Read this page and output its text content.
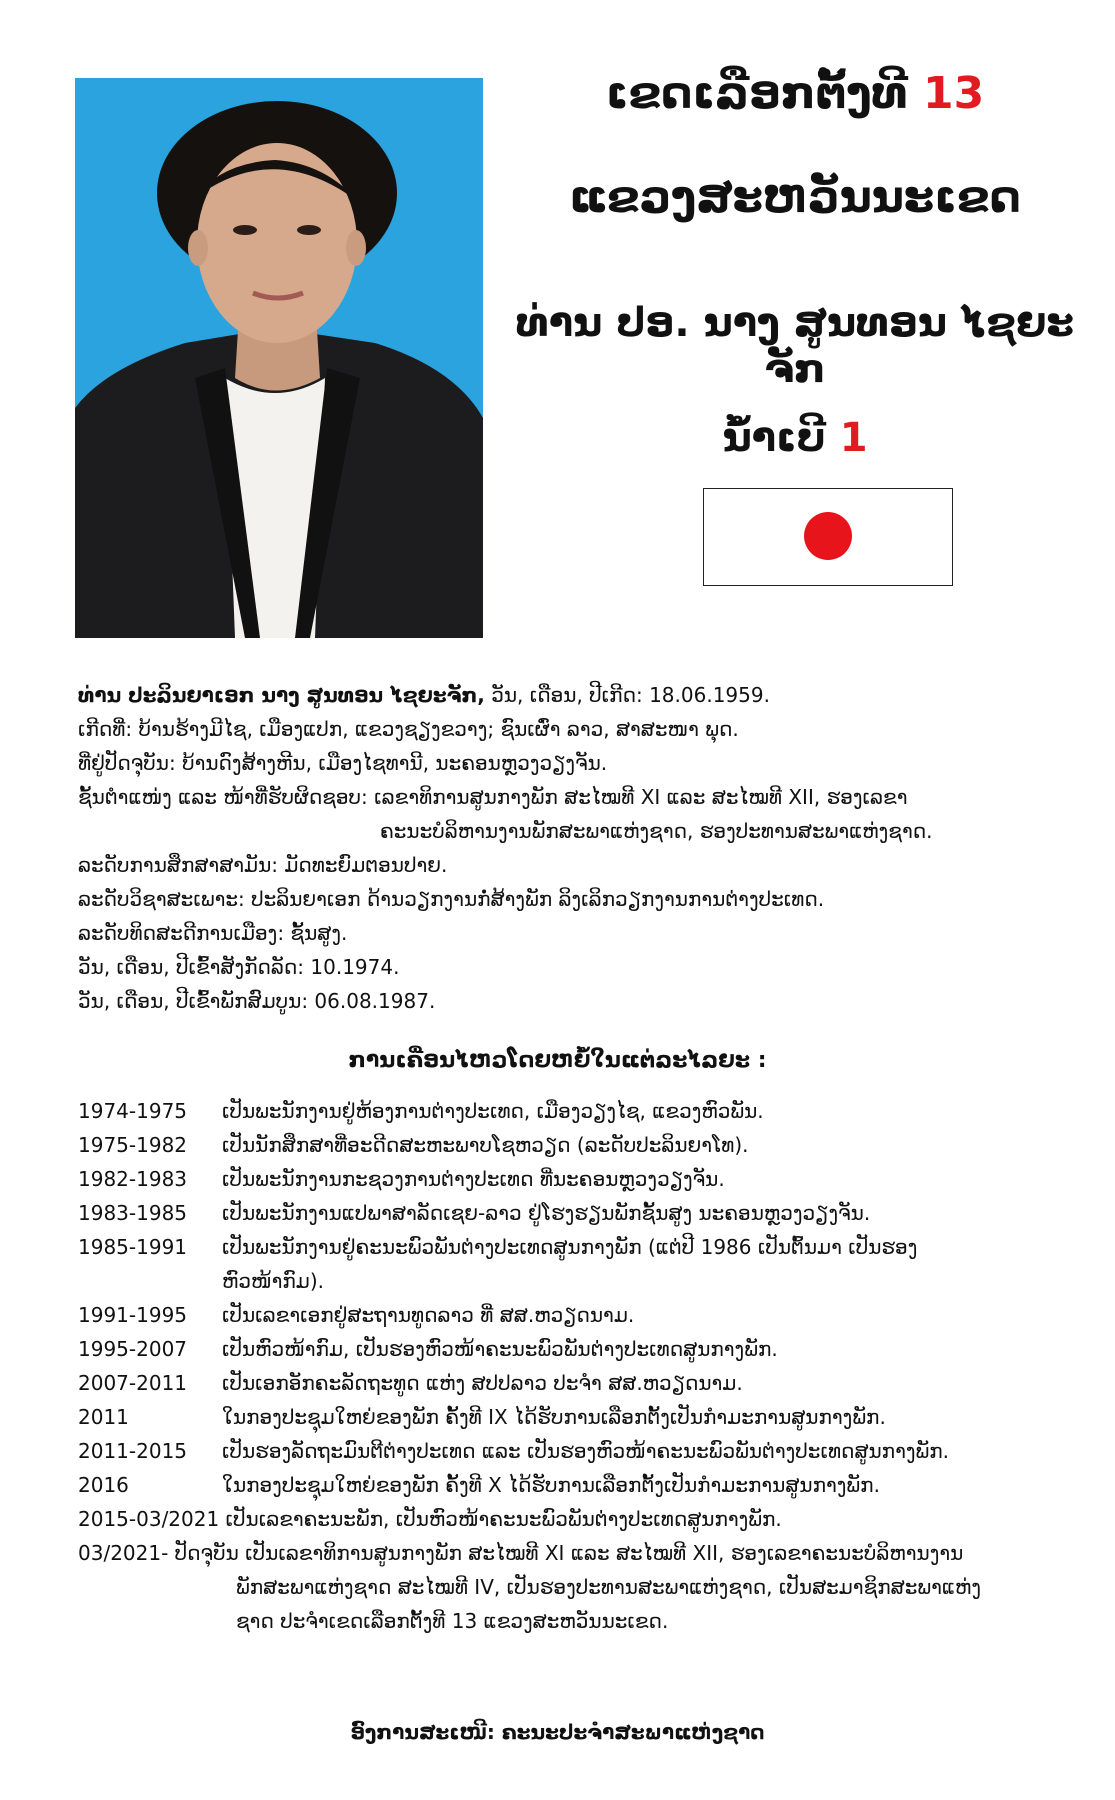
ເຂດເລືອກຕັ້ງທີ 13
ແຂວງສະຫວັນນະເຂດ
ທ່ານ ປອ. ນາງ ສູນທອນ ໄຊຍະຈັກ
ນໍ້າເບີ 1
ທ່ານ ປະລິນຍາເອກ ນາງ ສູນທອນ ໄຊຍະຈັກ, ວັນ, ເດືອນ, ປີເກີດ: 18.06.1959.
ເກີດທີ່: ບ້ານຮ້າງມີໄຊ, ເມືອງແປກ, ແຂວງຊຽງຂວາງ; ຊົນເຜົ່າ ລາວ, ສາສະໜາ ພຸດ.
ທີ່ຢູ່ປັດຈຸບັນ: ບ້ານດົງສ້າງຫີນ, ເມືອງໄຊທານີ, ນະຄອນຫຼວງວຽງຈັນ.
ຊັ້ນຕຳແໜ່ງ ແລະ ໜ້າທີ່ຮັບຜິດຊອບ: ເລຂາທິການສູນກາງພັກ ສະໄໝທີ XI ແລະ ສະໄໝທີ XII, ຮອງເລຂາ
ຄະນະບໍລິຫານງານພັກສະພາແຫ່ງຊາດ, ຮອງປະທານສະພາແຫ່ງຊາດ.
ລະດັບການສຶກສາສາມັນ: ມັດທະຍົມຕອນປາຍ.
ລະດັບວິຊາສະເພາະ: ປະລິນຍາເອກ ດ້ານວຽກງານກໍ່ສ້າງພັກ ລິງເລິກວຽກງານການຕ່າງປະເທດ.
ລະດັບທິດສະດີການເມືອງ: ຊັ້ນສູງ.
ວັນ, ເດືອນ, ປີເຂົ້າສັງກັດລັດ: 10.1974.
ວັນ, ເດືອນ, ປີເຂົ້າພັກສົມບູນ: 06.08.1987.
ການເຄື່ອນໄຫວໂດຍຫຍໍ້ໃນແຕ່ລະໄລຍະ :
1974-1975 ເປັນພະນັກງານຢູ່ຫ້ອງການຕ່າງປະເທດ, ເມືອງວຽງໄຊ, ແຂວງຫົວພັນ.
1975-1982 ເປັນນັກສຶກສາທີ່ອະດີດສະຫະພາບໂຊຫວຽດ (ລະດັບປະລິນຍາໂທ).
1982-1983 ເປັນພະນັກງານກະຊວງການຕ່າງປະເທດ ທີ່ນະຄອນຫຼວງວຽງຈັນ.
1983-1985 ເປັນພະນັກງານແປພາສາລັດເຊຍ-ລາວ ຢູ່ໂຮງຮຽນພັກຊັ້ນສູງ ນະຄອນຫຼວງວຽງຈັນ.
1985-1991 ເປັນພະນັກງານຢູ່ຄະນະພົວພັນຕ່າງປະເທດສູນກາງພັກ (ແຕ່ປີ 1986 ເປັນຕົ້ນມາ ເປັນຮອງ
ຫົວໜ້າກົມ).
1991-1995 ເປັນເລຂາເອກຢູ່ສະຖານທູດລາວ ທີ່ ສສ.ຫວຽດນາມ.
1995-2007 ເປັນຫົວໜ້າກົມ, ເປັນຮອງຫົວໜ້າຄະນະພົວພັນຕ່າງປະເທດສູນກາງພັກ.
2007-2011 ເປັນເອກອັກຄະລັດຖະທູດ ແຫ່ງ ສປປລາວ ປະຈຳ ສສ.ຫວຽດນາມ.
2011	ໃນກອງປະຊຸມໃຫຍ່ຂອງພັກ ຄັ້ງທີ IX ໄດ້ຮັບການເລືອກຕັ້ງເປັນກຳມະການສູນກາງພັກ.
2011-2015 ເປັນຮອງລັດຖະມົນຕີຕ່າງປະເທດ ແລະ ເປັນຮອງຫົວໜ້າຄະນະພົວພັນຕ່າງປະເທດສູນກາງພັກ.
2016	ໃນກອງປະຊຸມໃຫຍ່ຂອງພັກ ຄັ້ງທີ X ໄດ້ຮັບການເລືອກຕັ້ງເປັນກຳມະການສູນກາງພັກ.
2015-03/2021 ເປັນເລຂາຄະນະພັກ, ເປັນຫົວໜ້າຄະນະພົວພັນຕ່າງປະເທດສູນກາງພັກ.
03/2021- ປັດຈຸບັນ ເປັນເລຂາທິການສູນກາງພັກ ສະໄໝທີ XI ແລະ ສະໄໝທີ XII, ຮອງເລຂາຄະນະບໍລິຫານງານ
ພັກສະພາແຫ່ງຊາດ ສະໄໝທີ IV, ເປັນຮອງປະທານສະພາແຫ່ງຊາດ, ເປັນສະມາຊິກສະພາແຫ່ງ
ຊາດ ປະຈຳເຂດເລືອກຕັ້ງທີ 13 ແຂວງສະຫວັນນະເຂດ.
ອົງການສະເໜີ: ຄະນະປະຈຳສະພາແຫ່ງຊາດ
